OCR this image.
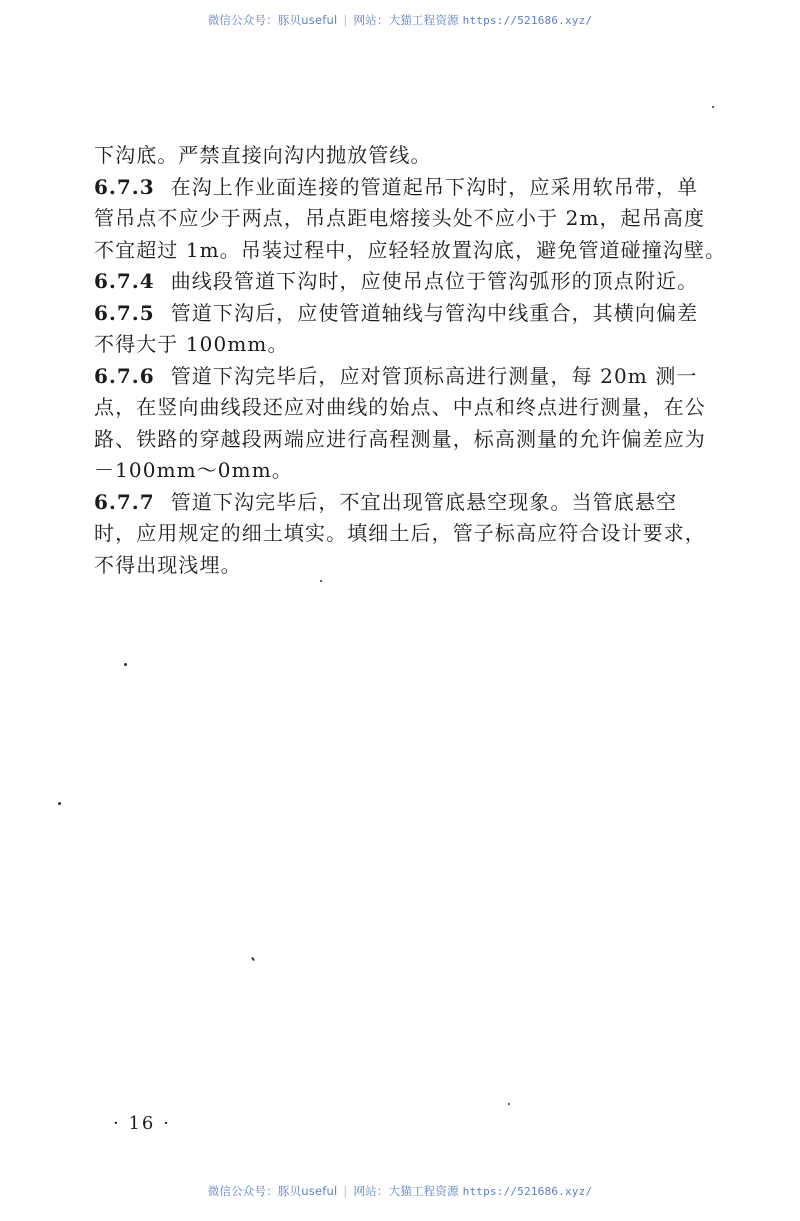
微信公众号：豚贝useful | 网站：大猫工程资源 https://521686.xyz/
下沟底。严禁直接向沟内抛放管线。
6.7.3 在沟上作业面连接的管道起吊下沟时，应采用软吊带，单
管吊点不应少于两点，吊点距电熔接头处不应小于 2m，起吊高度
不宜超过 1m。吊装过程中，应轻轻放置沟底，避免管道碰撞沟壁。
6.7.4 曲线段管道下沟时，应使吊点位于管沟弧形的顶点附近。
6.7.5 管道下沟后，应使管道轴线与管沟中线重合，其横向偏差
不得大于 100mm。
6.7.6 管道下沟完毕后，应对管顶标高进行测量，每 20m 测一
点，在竖向曲线段还应对曲线的始点、中点和终点进行测量，在公
路、铁路的穿越段两端应进行高程测量，标高测量的允许偏差应为
－100mm～0mm。
6.7.7 管道下沟完毕后，不宜出现管底悬空现象。当管底悬空
时，应用规定的细土填实。填细土后，管子标高应符合设计要求，
不得出现浅埋。
· 16 ·
微信公众号：豚贝useful | 网站：大猫工程资源 https://521686.xyz/
